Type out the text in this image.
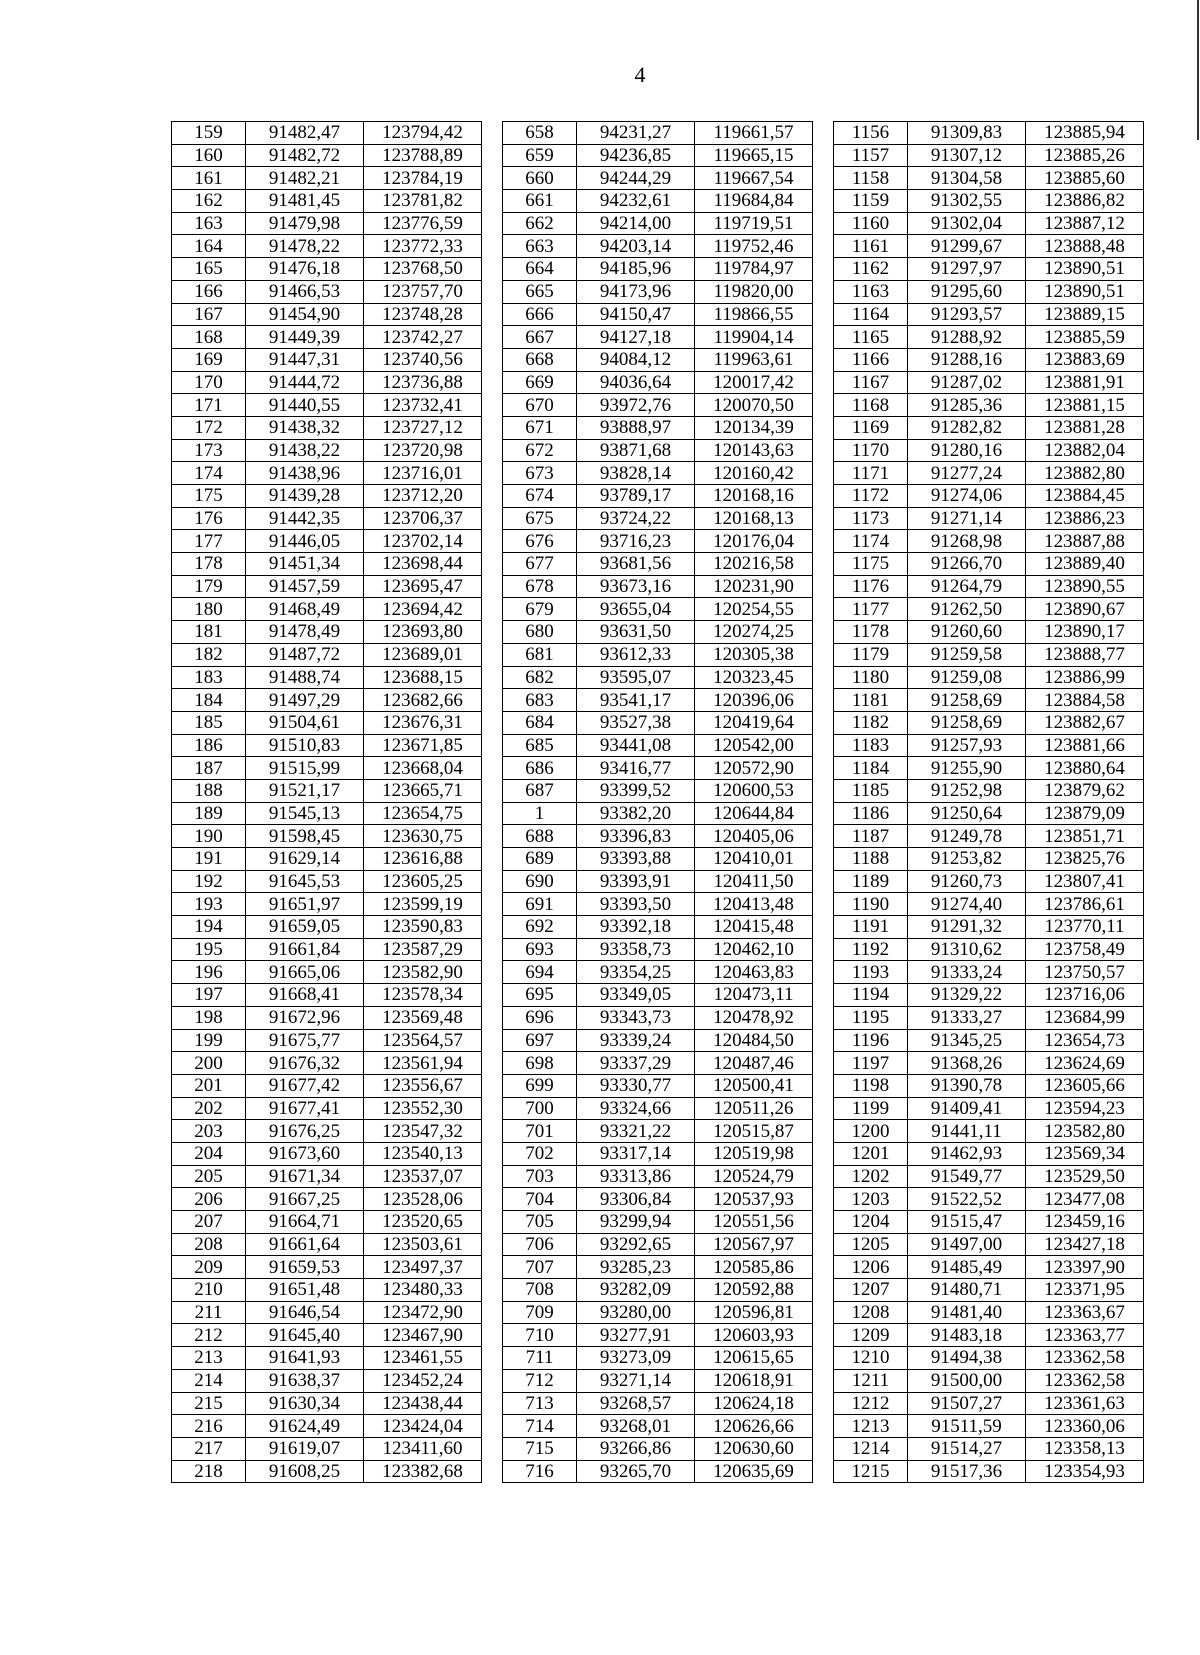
4
159	91482,47	123794,42
160	91482,72	123788,89
161	91482,21	123784,19
162	91481,45	123781,82
163	91479,98	123776,59
164	91478,22	123772,33
165	91476,18	123768,50
166	91466,53	123757,70
167	91454,90	123748,28
168	91449,39	123742,27
169	91447,31	123740,56
170	91444,72	123736,88
171	91440,55	123732,41
172	91438,32	123727,12
173	91438,22	123720,98
174	91438,96	123716,01
175	91439,28	123712,20
176	91442,35	123706,37
177	91446,05	123702,14
178	91451,34	123698,44
179	91457,59	123695,47
180	91468,49	123694,42
181	91478,49	123693,80
182	91487,72	123689,01
183	91488,74	123688,15
184	91497,29	123682,66
185	91504,61	123676,31
186	91510,83	123671,85
187	91515,99	123668,04
188	91521,17	123665,71
189	91545,13	123654,75
190	91598,45	123630,75
191	91629,14	123616,88
192	91645,53	123605,25
193	91651,97	123599,19
194	91659,05	123590,83
195	91661,84	123587,29
196	91665,06	123582,90
197	91668,41	123578,34
198	91672,96	123569,48
199	91675,77	123564,57
200	91676,32	123561,94
201	91677,42	123556,67
202	91677,41	123552,30
203	91676,25	123547,32
204	91673,60	123540,13
205	91671,34	123537,07
206	91667,25	123528,06
207	91664,71	123520,65
208	91661,64	123503,61
209	91659,53	123497,37
210	91651,48	123480,33
211	91646,54	123472,90
212	91645,40	123467,90
213	91641,93	123461,55
214	91638,37	123452,24
215	91630,34	123438,44
216	91624,49	123424,04
217	91619,07	123411,60
218	91608,25	123382,68
658	94231,27	119661,57
659	94236,85	119665,15
660	94244,29	119667,54
661	94232,61	119684,84
662	94214,00	119719,51
663	94203,14	119752,46
664	94185,96	119784,97
665	94173,96	119820,00
666	94150,47	119866,55
667	94127,18	119904,14
668	94084,12	119963,61
669	94036,64	120017,42
670	93972,76	120070,50
671	93888,97	120134,39
672	93871,68	120143,63
673	93828,14	120160,42
674	93789,17	120168,16
675	93724,22	120168,13
676	93716,23	120176,04
677	93681,56	120216,58
678	93673,16	120231,90
679	93655,04	120254,55
680	93631,50	120274,25
681	93612,33	120305,38
682	93595,07	120323,45
683	93541,17	120396,06
684	93527,38	120419,64
685	93441,08	120542,00
686	93416,77	120572,90
687	93399,52	120600,53
1	93382,20	120644,84
688	93396,83	120405,06
689	93393,88	120410,01
690	93393,91	120411,50
691	93393,50	120413,48
692	93392,18	120415,48
693	93358,73	120462,10
694	93354,25	120463,83
695	93349,05	120473,11
696	93343,73	120478,92
697	93339,24	120484,50
698	93337,29	120487,46
699	93330,77	120500,41
700	93324,66	120511,26
701	93321,22	120515,87
702	93317,14	120519,98
703	93313,86	120524,79
704	93306,84	120537,93
705	93299,94	120551,56
706	93292,65	120567,97
707	93285,23	120585,86
708	93282,09	120592,88
709	93280,00	120596,81
710	93277,91	120603,93
711	93273,09	120615,65
712	93271,14	120618,91
713	93268,57	120624,18
714	93268,01	120626,66
715	93266,86	120630,60
716	93265,70	120635,69
1156	91309,83	123885,94
1157	91307,12	123885,26
1158	91304,58	123885,60
1159	91302,55	123886,82
1160	91302,04	123887,12
1161	91299,67	123888,48
1162	91297,97	123890,51
1163	91295,60	123890,51
1164	91293,57	123889,15
1165	91288,92	123885,59
1166	91288,16	123883,69
1167	91287,02	123881,91
1168	91285,36	123881,15
1169	91282,82	123881,28
1170	91280,16	123882,04
1171	91277,24	123882,80
1172	91274,06	123884,45
1173	91271,14	123886,23
1174	91268,98	123887,88
1175	91266,70	123889,40
1176	91264,79	123890,55
1177	91262,50	123890,67
1178	91260,60	123890,17
1179	91259,58	123888,77
1180	91259,08	123886,99
1181	91258,69	123884,58
1182	91258,69	123882,67
1183	91257,93	123881,66
1184	91255,90	123880,64
1185	91252,98	123879,62
1186	91250,64	123879,09
1187	91249,78	123851,71
1188	91253,82	123825,76
1189	91260,73	123807,41
1190	91274,40	123786,61
1191	91291,32	123770,11
1192	91310,62	123758,49
1193	91333,24	123750,57
1194	91329,22	123716,06
1195	91333,27	123684,99
1196	91345,25	123654,73
1197	91368,26	123624,69
1198	91390,78	123605,66
1199	91409,41	123594,23
1200	91441,11	123582,80
1201	91462,93	123569,34
1202	91549,77	123529,50
1203	91522,52	123477,08
1204	91515,47	123459,16
1205	91497,00	123427,18
1206	91485,49	123397,90
1207	91480,71	123371,95
1208	91481,40	123363,67
1209	91483,18	123363,77
1210	91494,38	123362,58
1211	91500,00	123362,58
1212	91507,27	123361,63
1213	91511,59	123360,06
1214	91514,27	123358,13
1215	91517,36	123354,93
